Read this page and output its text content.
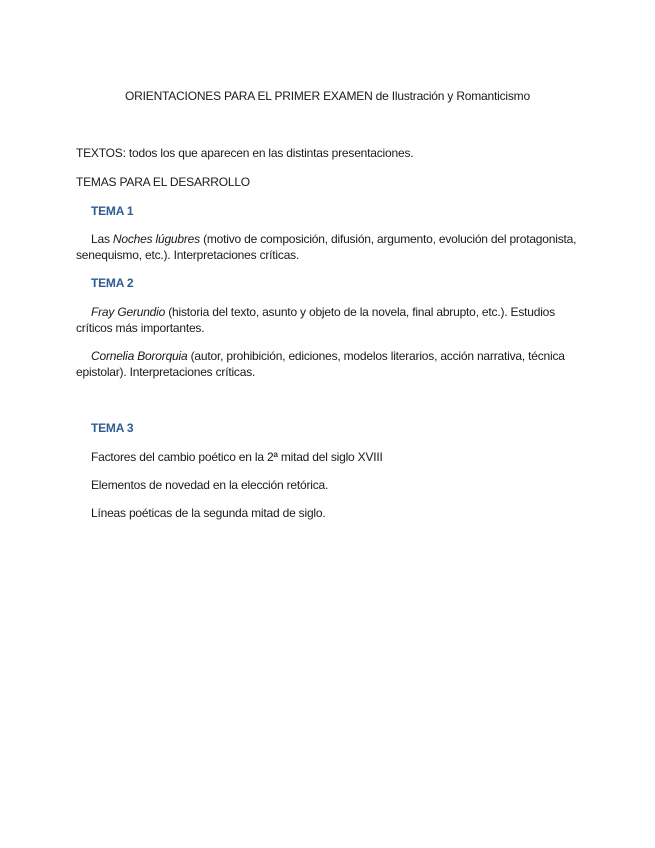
ORIENTACIONES PARA EL PRIMER EXAMEN de Ilustración y Romanticismo

TEXTOS: todos los que aparecen en las distintas presentaciones.

TEMAS PARA EL DESARROLLO

TEMA 1

Las Noches lúgubres (motivo de composición, difusión, argumento, evolución del protagonista, senequismo, etc.). Interpretaciones críticas.

TEMA 2

Fray Gerundio (historia del texto, asunto y objeto de la novela, final abrupto, etc.). Estudios críticos más importantes.

Cornelia Bororquia (autor, prohibición, ediciones, modelos literarios, acción narrativa, técnica epistolar). Interpretaciones críticas.

TEMA 3

Factores del cambio poético en la 2ª mitad del siglo XVIII

Elementos de novedad en la elección retórica.

Líneas poéticas de la segunda mitad de siglo.
